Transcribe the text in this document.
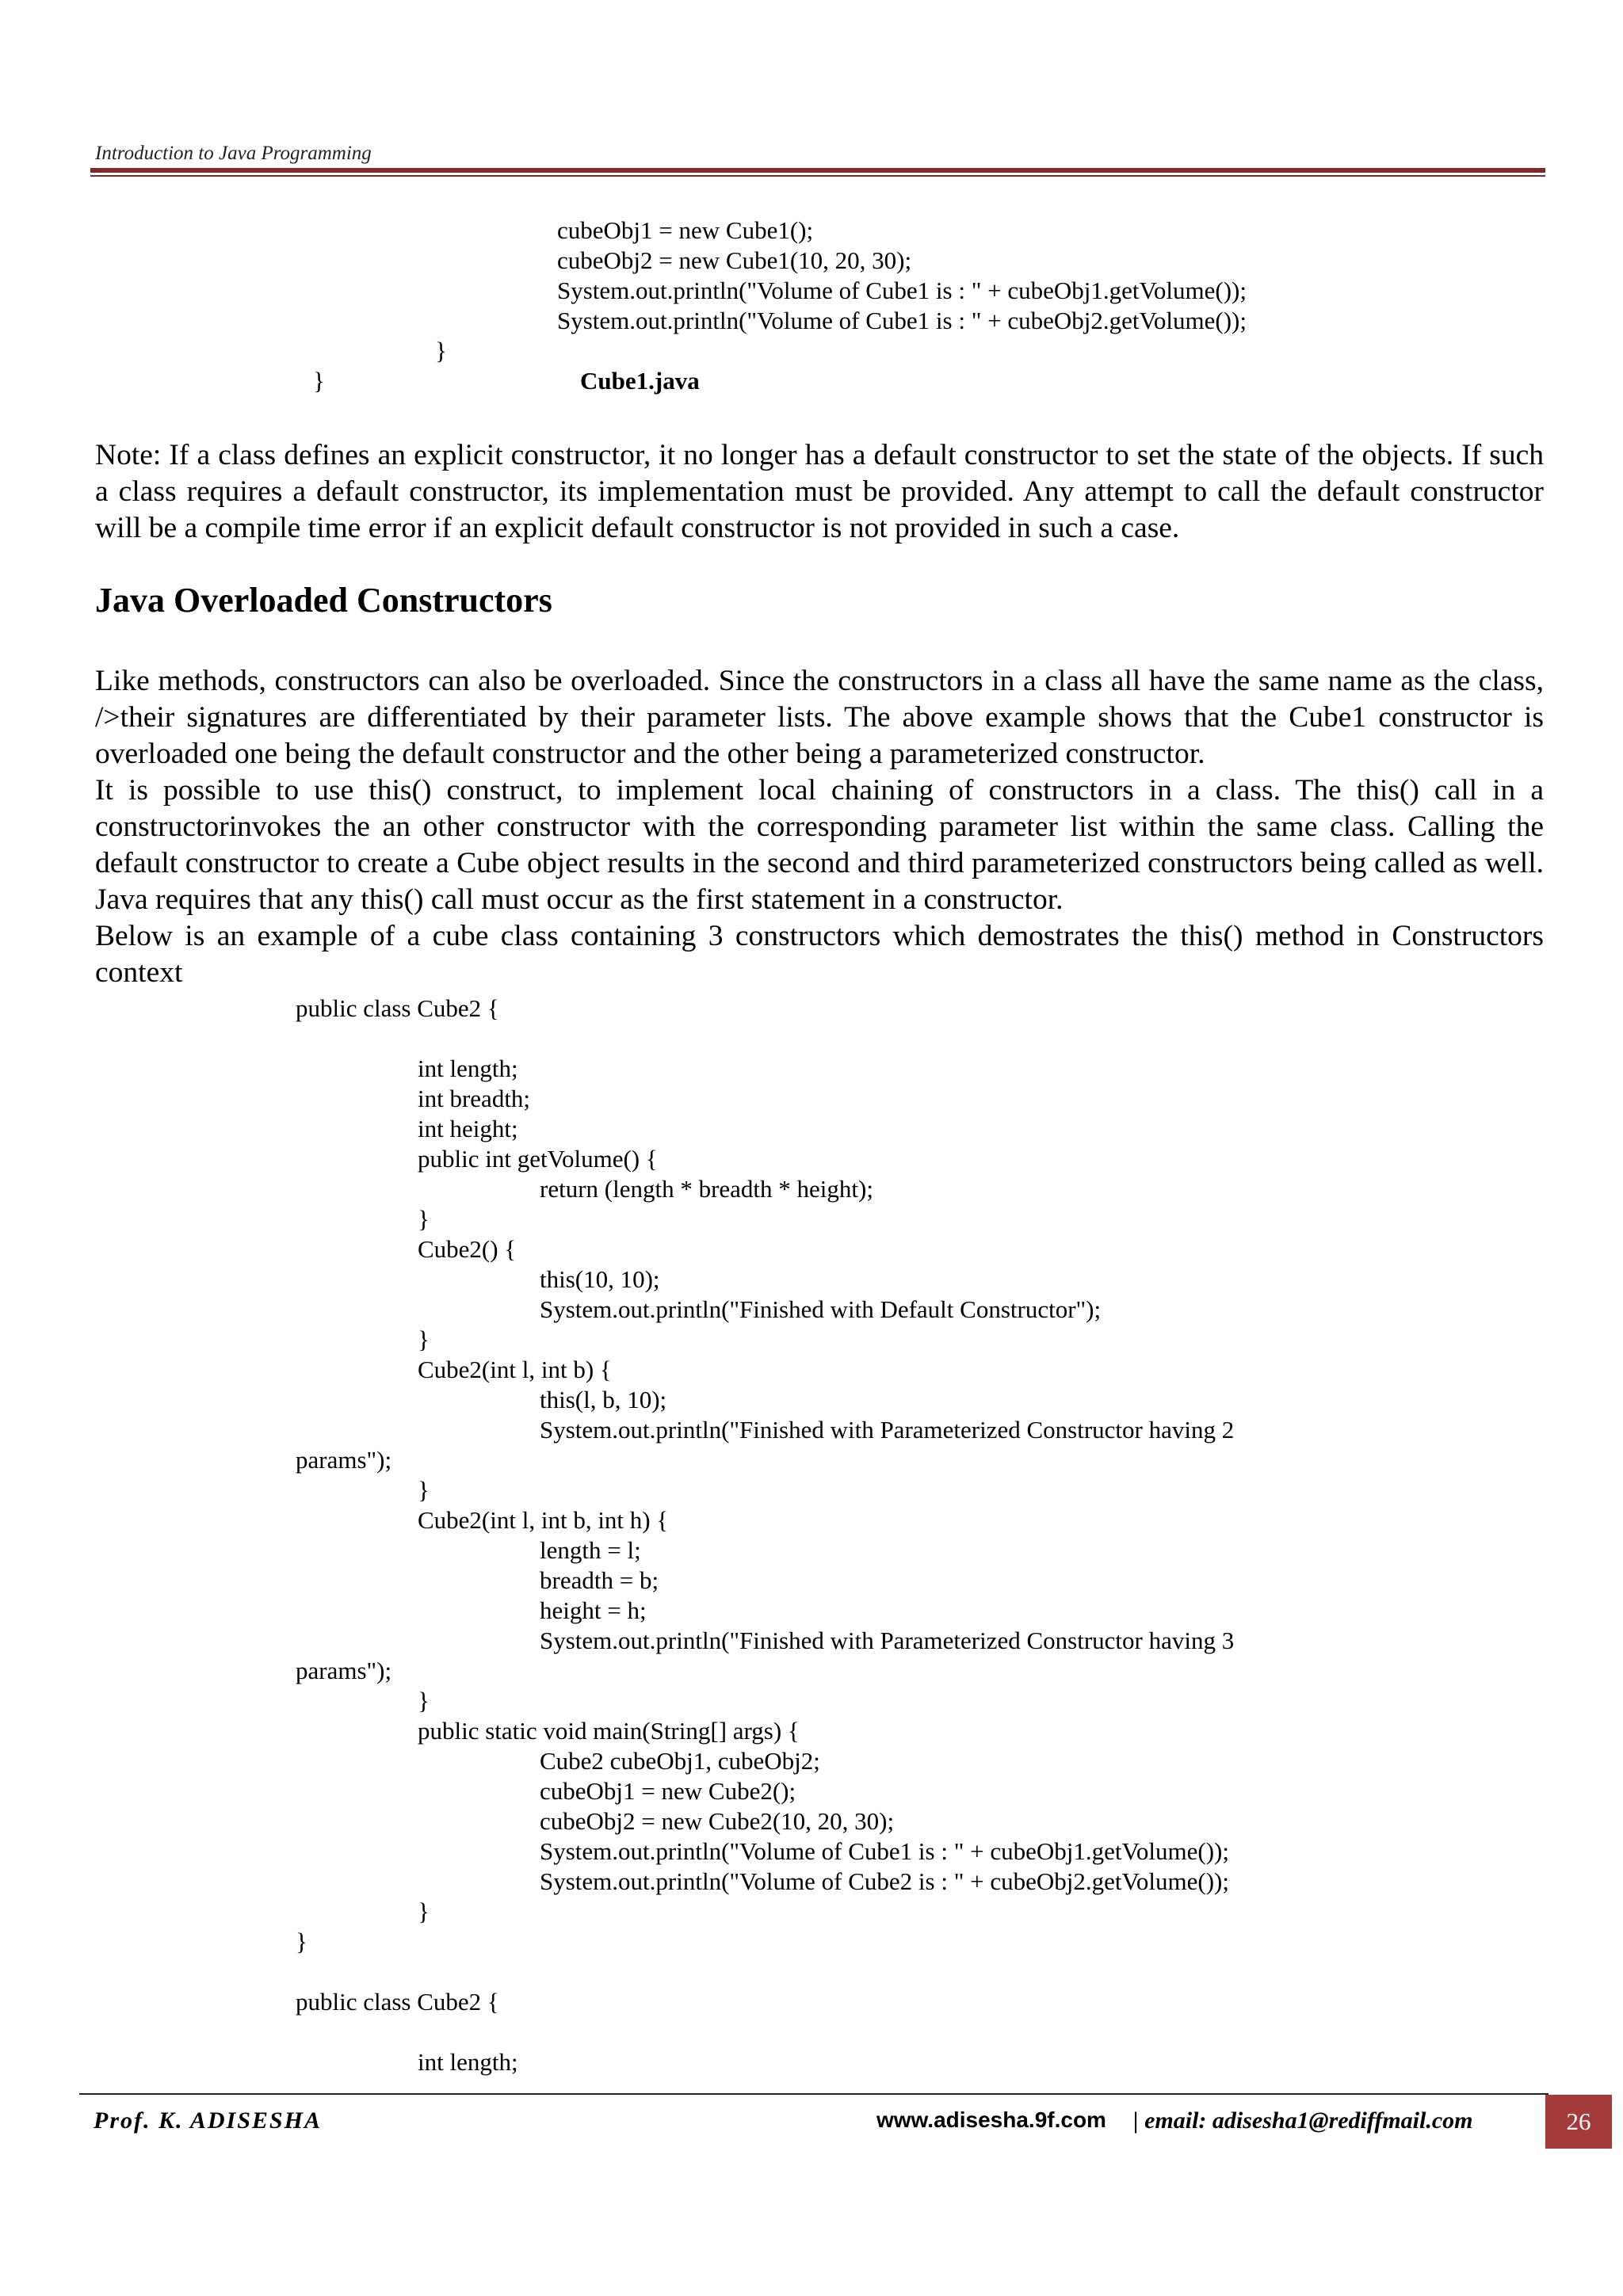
Introduction to Java Programming
cubeObj1 = new Cube1();
cubeObj2 = new Cube1(10, 20, 30);
System.out.println("Volume of Cube1 is : " + cubeObj1.getVolume());
System.out.println("Volume of Cube1 is : " + cubeObj2.getVolume());
}
}	Cube1.java

Note: If a class defines an explicit constructor, it no longer has a default constructor to set the state of the objects. If such a class requires a default constructor, its implementation must be provided. Any attempt to call the default constructor will be a compile time error if an explicit default constructor is not provided in such a case.

Java Overloaded Constructors

Like methods, constructors can also be overloaded. Since the constructors in a class all have the same name as the class, />their signatures are differentiated by their parameter lists. The above example shows that the Cube1 constructor is overloaded one being the default constructor and the other being a parameterized constructor.

It is possible to use this() construct, to implement local chaining of constructors in a class. The this() call in a constructorinvokes the an other constructor with the corresponding parameter list within the same class. Calling the default constructor to create a Cube object results in the second and third parameterized constructors being called as well. Java requires that any this() call must occur as the first statement in a constructor.

Below is an example of a cube class containing 3 constructors which demostrates the this() method in Constructors context

public class Cube2 {

		int length;
		int breadth;
		int height;
		public int getVolume() {
				return (length * breadth * height);
		}
		Cube2() {
				this(10, 10);
				System.out.println("Finished with Default Constructor");
		}
		Cube2(int l, int b) {
				this(l, b, 10);
				System.out.println("Finished with Parameterized Constructor having 2
params");
		}
		Cube2(int l, int b, int h) {
				length = l;
				breadth = b;
				height = h;
				System.out.println("Finished with Parameterized Constructor having 3
params");
		}
		public static void main(String[] args) {
				Cube2 cubeObj1, cubeObj2;
				cubeObj1 = new Cube2();
				cubeObj2 = new Cube2(10, 20, 30);
				System.out.println("Volume of Cube1 is : " + cubeObj1.getVolume());
				System.out.println("Volume of Cube2 is : " + cubeObj2.getVolume());
		}
}

public class Cube2 {

		int length;
Prof. K. ADISESHA	www.adisesha.9f.com | email: adisesha1@rediffmail.com	26
